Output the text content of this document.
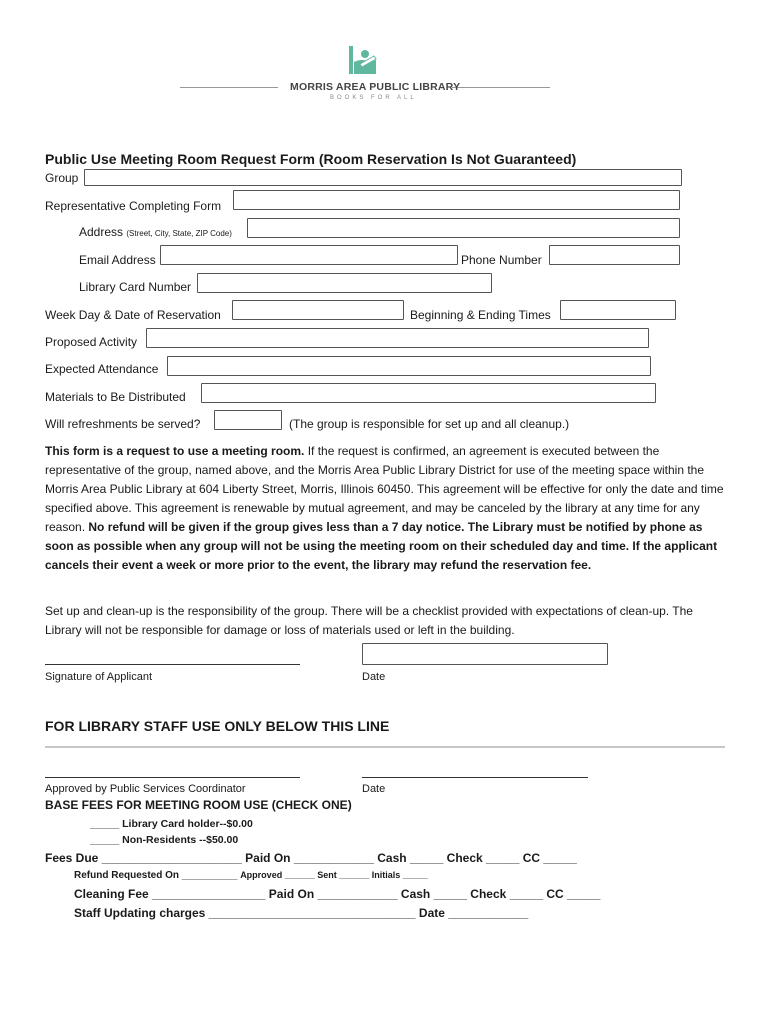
MORRIS AREA PUBLIC LIBRARY
BOOKS FOR ALL
Public Use Meeting Room Request Form (Room Reservation Is Not Guaranteed)
Group
Representative Completing Form
Address (Street, City, State, ZIP Code)
Email Address	Phone Number
Library Card Number
Week Day & Date of Reservation	Beginning & Ending Times
Proposed Activity
Expected Attendance
Materials to Be Distributed
Will refreshments be served?	(The group is responsible for set up and all cleanup.)
This form is a request to use a meeting room. If the request is confirmed, an agreement is executed between the representative of the group, named above, and the Morris Area Public Library District for use of the meeting space within the Morris Area Public Library at 604 Liberty Street, Morris, Illinois 60450. This agreement will be effective for only the date and time specified above. This agreement is renewable by mutual agreement, and may be canceled by the library at any time for any reason. No refund will be given if the group gives less than a 7 day notice. The Library must be notified by phone as soon as possible when any group will not be using the meeting room on their scheduled day and time. If the applicant cancels their event a week or more prior to the event, the library may refund the reservation fee.
Set up and clean-up is the responsibility of the group. There will be a checklist provided with expectations of clean-up. The Library will not be responsible for damage or loss of materials used or left in the building.
Signature of Applicant	Date
FOR LIBRARY STAFF USE ONLY BELOW THIS LINE
Approved by Public Services Coordinator	Date
BASE FEES FOR MEETING ROOM USE (CHECK ONE)
_____ Library Card holder--$0.00
_____ Non-Residents --$50.00
Fees Due _____________________ Paid On ____________ Cash _____ Check _____ CC _____
Refund Requested On __________ Approved ______ Sent ______ Initials _____
Cleaning Fee _________________ Paid On ____________ Cash _____ Check _____ CC _____
Staff Updating charges _______________________________ Date ____________
